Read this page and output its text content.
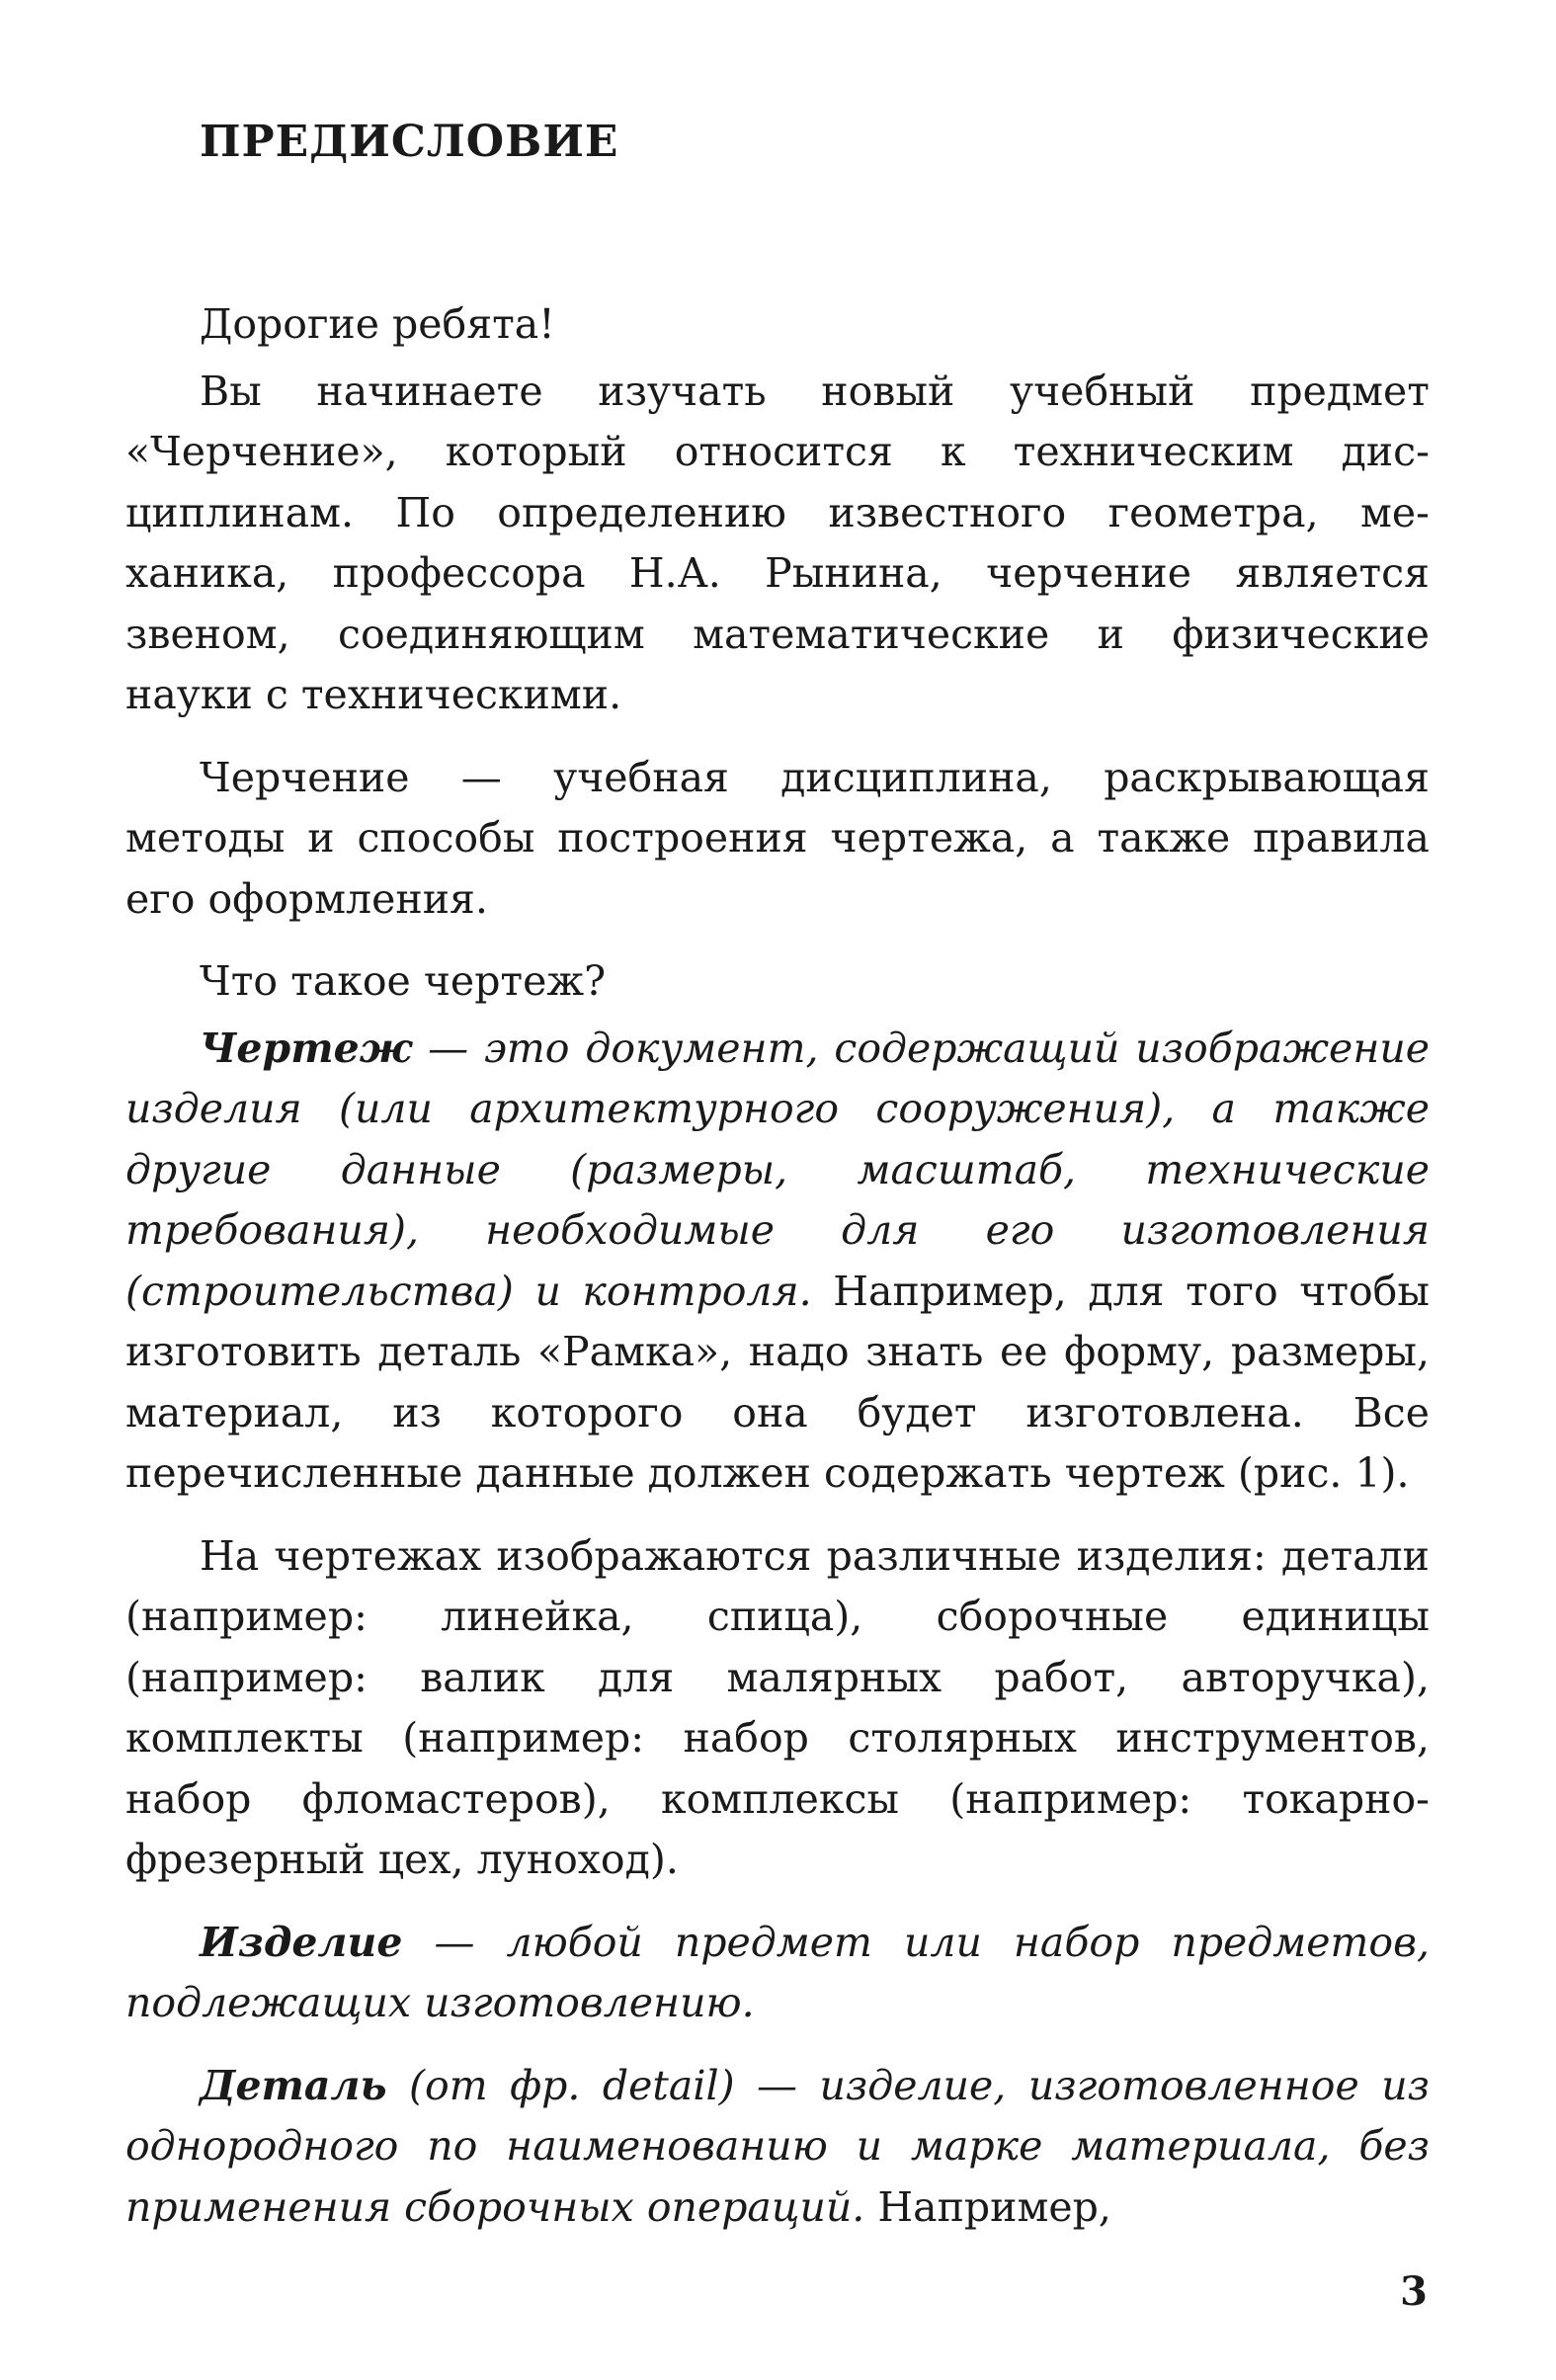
ПРЕДИСЛОВИЕ

Дорогие ребята!

Вы начинаете изучать новый учебный предмет «Черчение», который относится к техническим дисциплинам. По определению известного геометра, механика, профессора Н.А. Рынина, черчение является звеном, соединяющим математические и физические науки с техническими.

Черчение — учебная дисциплина, раскрывающая методы и способы построения чертежа, а также правила его оформления.

Что такое чертеж?

Чертеж — это документ, содержащий изображение изделия (или архитектурного сооружения), а также другие данные (размеры, масштаб, технические требования), необходимые для его изготовления (строительства) и контроля. Например, для того чтобы изготовить деталь «Рамка», надо знать ее форму, размеры, материал, из которого она будет изготовлена. Все перечисленные данные должен содержать чертеж (рис. 1).

На чертежах изображаются различные изделия: детали (например: линейка, спица), сборочные единицы (например: валик для малярных работ, авторучка), комплекты (например: набор столярных инструментов, набор фломастеров), комплексы (например: токарно-фрезерный цех, луноход).

Изделие — любой предмет или набор предметов, подлежащих изготовлению.

Деталь (от фр. detail) — изделие, изготовленное из однородного по наименованию и марке материала, без применения сборочных операций. Например,

3
